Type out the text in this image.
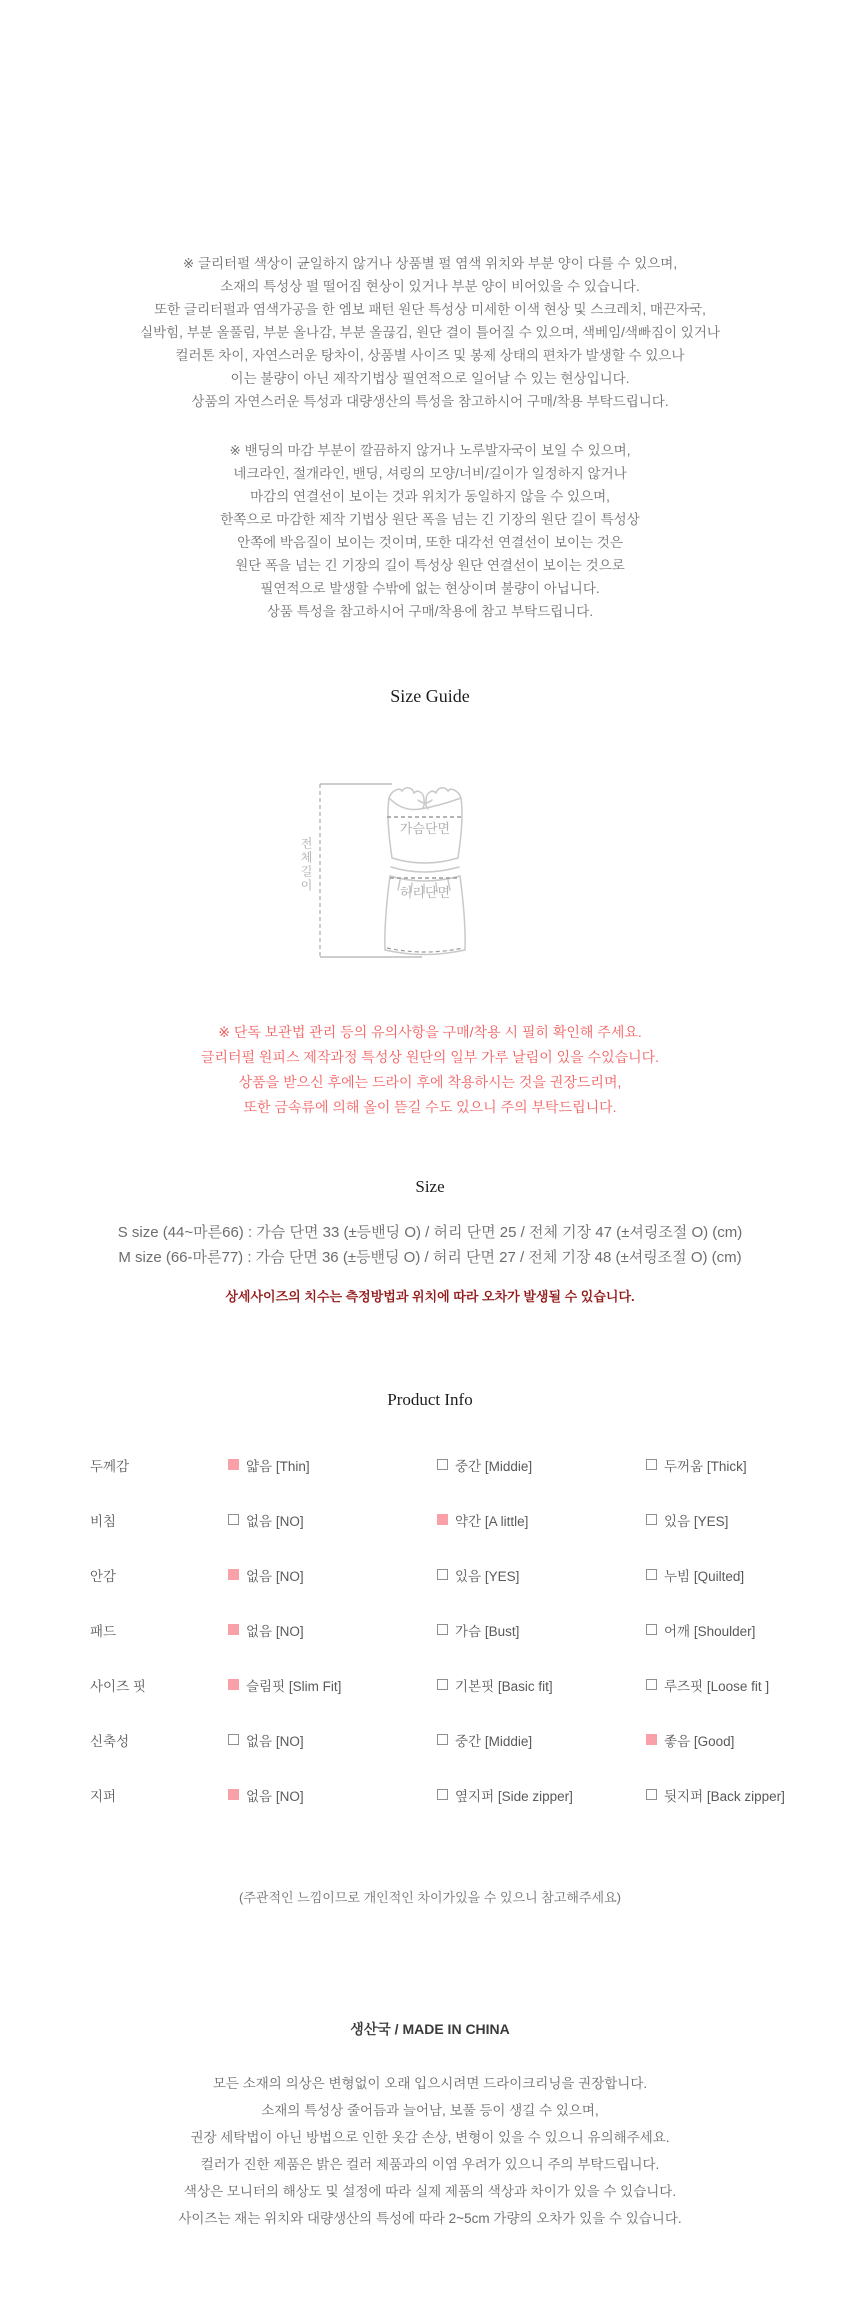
※ 글리터펄 색상이 균일하지 않거나 상품별 펄 염색 위치와 부분 양이 다를 수 있으며,
소재의 특성상 펄 떨어짐 현상이 있거나 부분 양이 비어있을 수 있습니다.
또한 글리터펄과 염색가공을 한 엠보 패턴 원단 특성상 미세한 이색 현상 및 스크레치, 매끈자국,
실박힘, 부분 올풀림, 부분 올나감, 부분 올끊김, 원단 결이 틀어질 수 있으며, 색베임/색빠짐이 있거나
컬러톤 차이, 자연스러운 탕차이, 상품별 사이즈 및 봉제 상태의 편차가 발생할 수 있으나
이는 불량이 아닌 제작기법상 필연적으로 일어날 수 있는 현상입니다.
상품의 자연스러운 특성과 대량생산의 특성을 참고하시어 구매/착용 부탁드립니다.
※ 밴딩의 마감 부분이 깔끔하지 않거나 노루발자국이 보일 수 있으며,
네크라인, 절개라인, 밴딩, 셔링의 모양/너비/길이가 일정하지 않거나
마감의 연결선이 보이는 것과 위치가 동일하지 않을 수 있으며,
한쪽으로 마감한 제작 기법상 원단 폭을 넘는 긴 기장의 원단 길이 특성상
안쪽에 박음질이 보이는 것이며, 또한 대각선 연결선이 보이는 것은
원단 폭을 넘는 긴 기장의 길이 특성상 원단 연결선이 보이는 것으로
필연적으로 발생할 수밖에 없는 현상이며 불량이 아닙니다.
상품 특성을 참고하시어 구매/착용에 참고 부탁드립니다.
Size Guide
전체길이
가슴단면
허리단면
※ 단독 보관법 관리 등의 유의사항을 구매/착용 시 필히 확인해 주세요.
글리터펄 원피스 제작과정 특성상 원단의 일부 가루 날림이 있을 수있습니다.
상품을 받으신 후에는 드라이 후에 착용하시는 것을 권장드리며,
또한 금속류에 의해 올이 뜯길 수도 있으니 주의 부탁드립니다.
Size
S size (44~마른66) : 가슴 단면 33 (±등밴딩 O) / 허리 단면 25 / 전체 기장 47 (±셔링조절 O) (cm)
M size (66-마른77) : 가슴 단면 36 (±등밴딩 O) / 허리 단면 27 / 전체 기장 48 (±셔링조절 O) (cm)
상세사이즈의 치수는 측정방법과 위치에 따라 오차가 발생될 수 있습니다.
Product Info
두께감	얇음 [Thin]	중간 [Middie]	두꺼움 [Thick]
비침	없음 [NO]	약간 [A little]	있음 [YES]
안감	없음 [NO]	있음 [YES]	누빔 [Quilted]
패드	없음 [NO]	가슴 [Bust]	어깨 [Shoulder]
사이즈 핏	슬림핏 [Slim Fit]	기본핏 [Basic fit]	루즈핏 [Loose fit ]
신축성	없음 [NO]	중간 [Middie]	좋음 [Good]
지퍼	없음 [NO]	옆지퍼 [Side zipper]	뒷지퍼 [Back zipper]
(주관적인 느낌이므로 개인적인 차이가있을 수 있으니 참고해주세요)
생산국 / MADE IN CHINA
모든 소재의 의상은 변형없이 오래 입으시려면 드라이크리닝을 권장합니다.
소재의 특성상 줄어듬과 늘어남, 보풀 등이 생길 수 있으며,
권장 세탁법이 아닌 방법으로 인한 옷감 손상, 변형이 있을 수 있으니 유의해주세요.
컬러가 진한 제품은 밝은 컬러 제품과의 이염 우려가 있으니 주의 부탁드립니다.
색상은 모니터의 해상도 및 설정에 따라 실제 제품의 색상과 차이가 있을 수 있습니다.
사이즈는 재는 위치와 대량생산의 특성에 따라 2~5cm 가량의 오차가 있을 수 있습니다.
